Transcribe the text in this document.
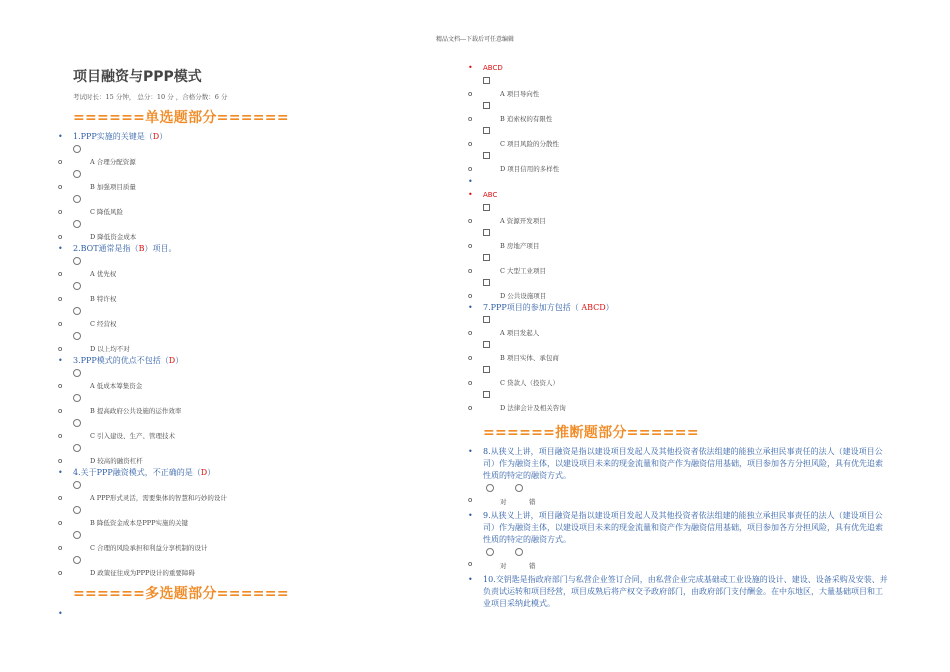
精品文档---下载后可任意编辑
项目融资与PPP模式
考试时长：15 分钟， 总分：10 分 ，合格分数：6 分
======单选题部分======
• 1.PPP实施的关键是（D）
o	A 合理分配资源
o	B 加强项目质量
o	C 降低风险
o	D 降低资金成本
• 2.BOT通常是指（B）项目。
o	A 优先权
o	B 特许权
o	C 经营权
o	D 以上均不对
• 3.PPP模式的优点不包括（D）
o	A 低成本筹集资金
o	B 提高政府公共设施的运作效率
o	C 引入建设、生产、管理技术
o	D 较高的融资杠杆
• 4.关于PPP融资模式，不正确的是（D）
o	A PPP形式灵活，需要集体的智慧和巧妙的设计
o	B 降低资金成本是PPP实施的关键
o	C 合理的风险承担和利益分享机制的设计
o	D 政策征往成为PPP设计的重要障碍
======多选题部分======
•
• ABCD
o	A 项目导向性
o	B 追索权的有限性
o	C 项目风险的分散性
o	D 项目信用的多样性
•
• ABC
o	A 资源开发项目
o	B 房地产项目
o	C 大型工业项目
o	D 公共设施项目
• 7.PPP项目的参加方包括（ ABCD）
o	A 项目发起人
o	B 项目实体、承包商
o	C 贷款人（投资人）
o	D 法律会计及相关咨询
======推断题部分======
• 8.从狭义上讲，项目融资是指以建设项目发起人及其他投资者依法组建的能独立承担民事责任的法人（建设项目公司）作为融资主体，以建设项目未来的现金流量和资产作为融资信用基础，项目参加各方分担风险，具有优先追索性质的特定的融资方式。
o	对	错
• 9.从狭义上讲，项目融资是指以建设项目发起人及其他投资者依法组建的能独立承担民事责任的法人（建设项目公司）作为融资主体，以建设项目未来的现金流量和资产作为融资信用基础，项目参加各方分担风险，具有优先追索性质的特定的融资方式。
o	对	错
• 10.交钥匙是指政府部门与私营企业签订合同，由私营企业完成基础或工业设施的设计、建设、设备采购及安装、并负责试运转和项目经营，项目成熟后将产权交予政府部门，由政府部门支付酬金。在中东地区，大量基础项目和工业项目采纳此模式。
